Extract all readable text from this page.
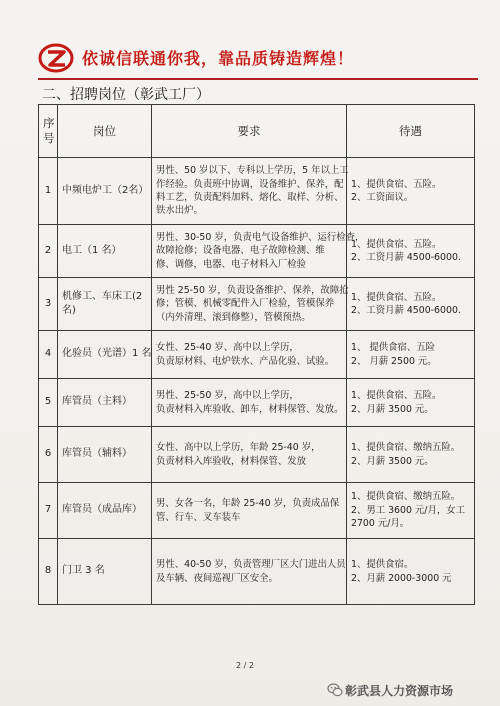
依诚信联通你我，靠品质铸造辉煌！
二、招聘岗位（彰武工厂）
序
号	岗位	要求	待遇
1	中频电炉工（2名）	男性、50 岁以下、专科以上学历，5 年以上工
作经验。负责班中协调，设备维护、保养，配
料工艺，负责配料加料、熔化、取样、分析、
铁水出炉。	1、提供食宿、五险。
2、工资面议。

2	电工（1 名）	男性、30-50 岁，负责电气设备维护、运行检查，
故障抢修；设备电器、电子故障检测、维
修、调修，电器、电子材料入厂检验	1、提供食宿、五险。
2、工资月薪 4500-6000.

3	机修工、车床工(2
名)	男性 25-50 岁，负责设备维护、保养，故障抢
修；管模、机械零配件入厂检验，管模保养
（内外清理、滚到修整），管模预热。	1、提供食宿、五险。
2、工资月薪 4500-6000.

4	化验员（光谱）1 名	女性、25-40 岁、高中以上学历，
负责原材料、电炉铁水、产品化验、试验。	1、 提供食宿、五险
2、 月薪 2500 元。

5	库管员（主料）	男性、25-50 岁，高中以上学历，
负责材料入库验收、卸车，材料保管、发放。	1、提供食宿、五险。
2、月薪 3500 元。

6	库管员（辅料）	女性、高中以上学历，年龄 25-40 岁，
负责材料入库验收，材料保管、发放	1、提供食宿、缴纳五险。
2、月薪 3500 元。

7	库管员（成品库）	男、女各一名，年龄 25-40 岁，负责成品保
管、行车、叉车装车	1、提供食宿、缴纳五险。
2、男工 3600 元/月，女工
2700 元/月。

8	门卫 3 名	男性、40-50 岁，负责管理厂区大门进出人员
及车辆、夜间巡视厂区安全。	1、提供食宿。
2、月薪 2000-3000 元
2 / 2
彰武县人力资源市场
